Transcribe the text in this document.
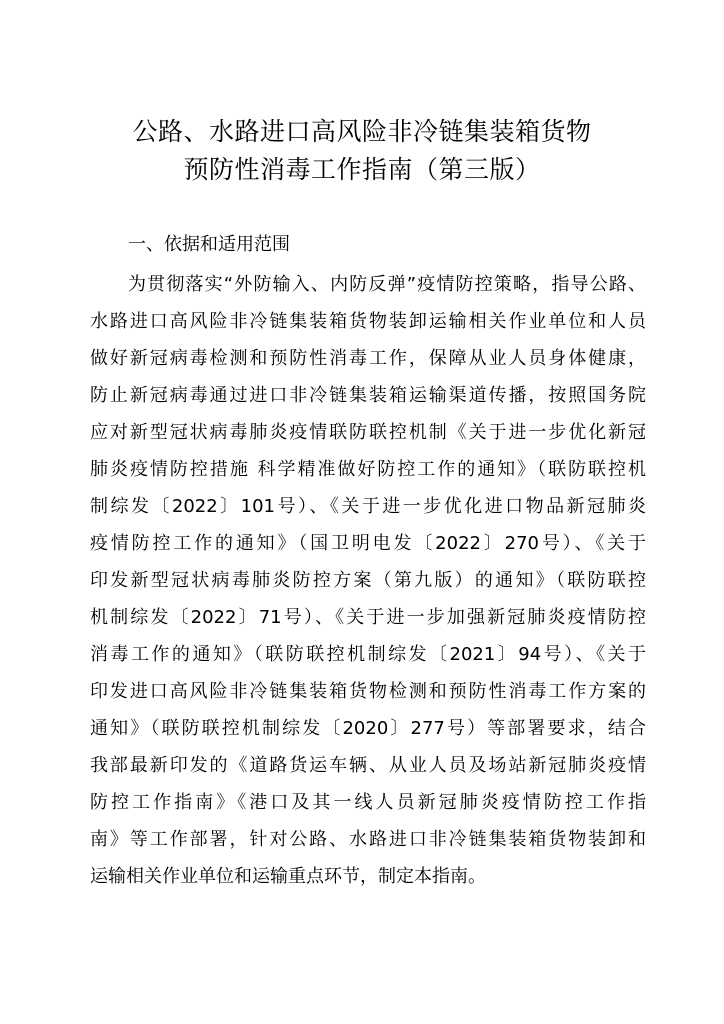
公路、水路进口高风险非冷链集装箱货物
预防性消毒工作指南（第三版）
一、依据和适用范围
为贯彻落实“外防输入、内防反弹”疫情防控策略，指导公路、
水路进口高风险非冷链集装箱货物装卸运输相关作业单位和人员
做好新冠病毒检测和预防性消毒工作，保障从业人员身体健康，
防止新冠病毒通过进口非冷链集装箱运输渠道传播，按照国务院
应对新型冠状病毒肺炎疫情联防联控机制《关于进一步优化新冠
肺炎疫情防控措施 科学精准做好防控工作的通知》（联防联控机
制综发〔2022〕101号）、《关于进一步优化进口物品新冠肺炎
疫情防控工作的通知》（国卫明电发〔2022〕270号）、《关于
印发新型冠状病毒肺炎防控方案（第九版）的通知》（联防联控
机制综发〔2022〕71号）、《关于进一步加强新冠肺炎疫情防控
消毒工作的通知》（联防联控机制综发〔2021〕94号）、《关于
印发进口高风险非冷链集装箱货物检测和预防性消毒工作方案的
通知》（联防联控机制综发〔2020〕277号）等部署要求，结合
我部最新印发的《道路货运车辆、从业人员及场站新冠肺炎疫情
防控工作指南》《港口及其一线人员新冠肺炎疫情防控工作指
南》等工作部署，针对公路、水路进口非冷链集装箱货物装卸和
运输相关作业单位和运输重点环节，制定本指南。
